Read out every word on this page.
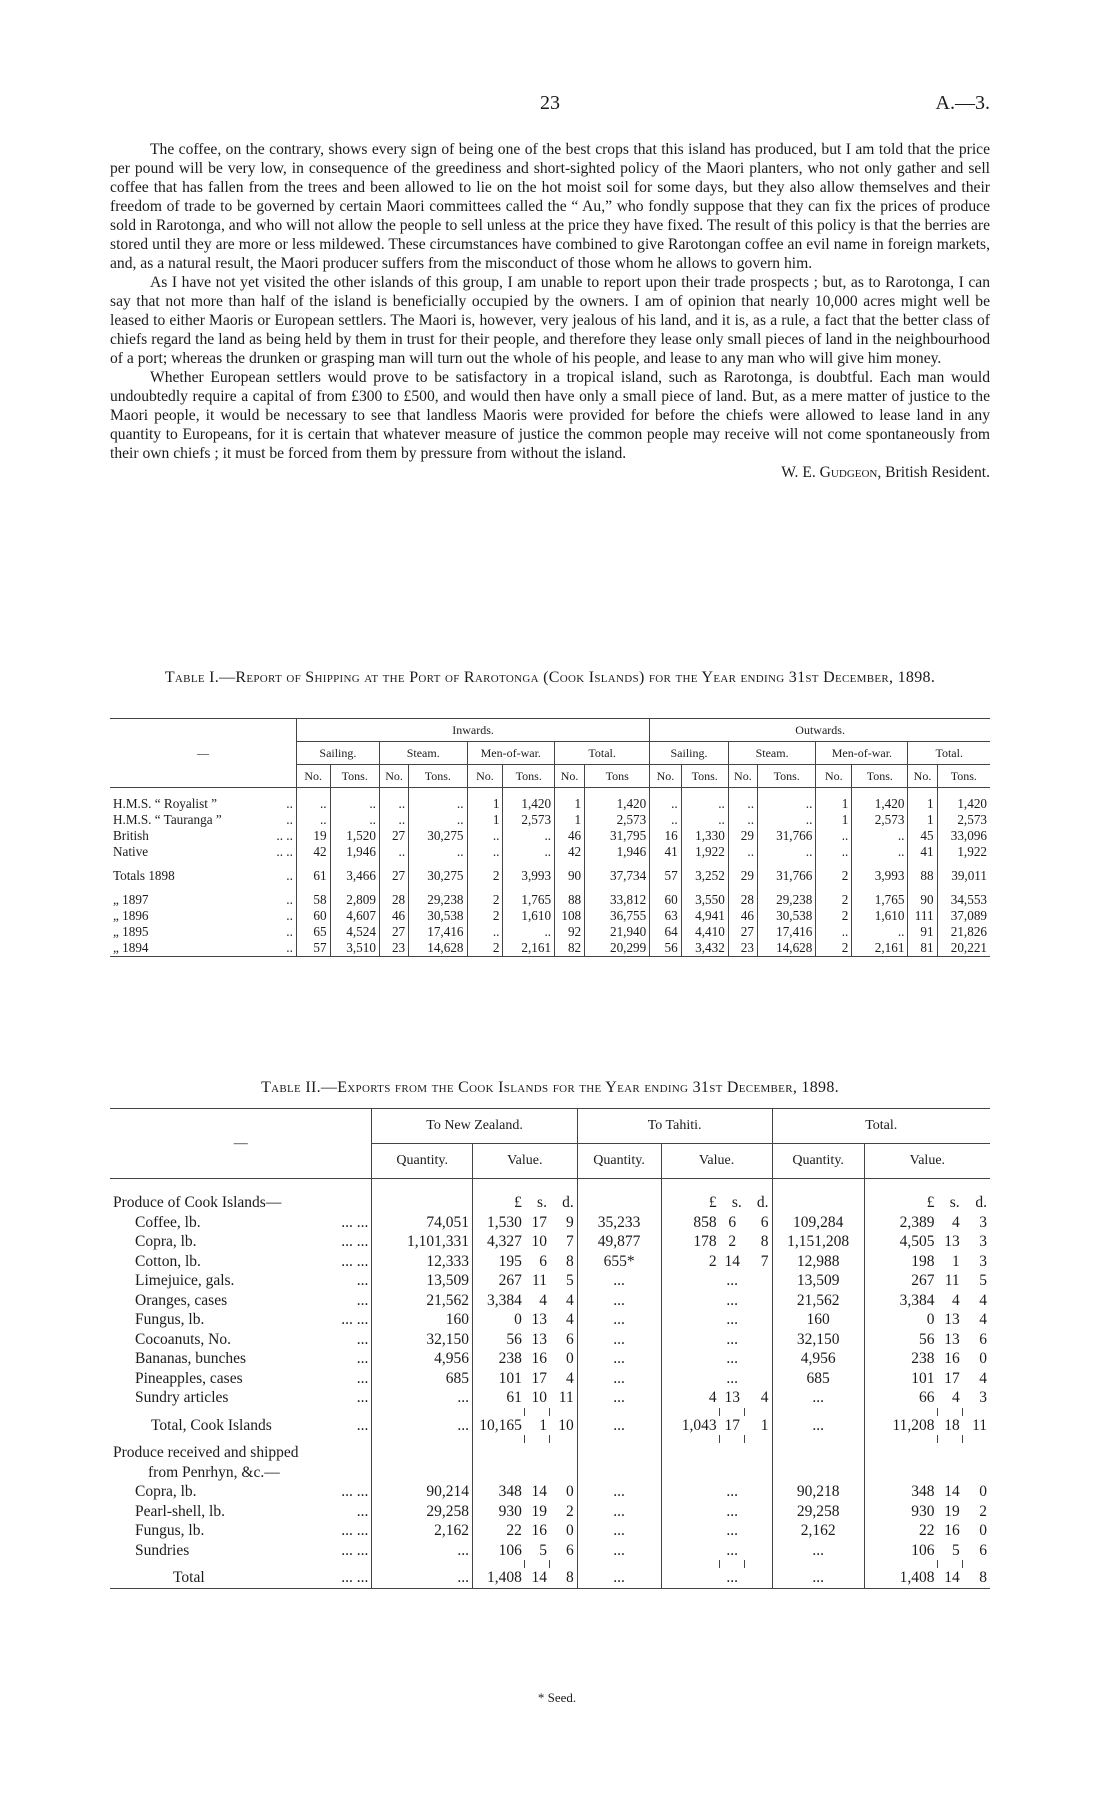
23	A.—3.

The coffee, on the contrary, shows every sign of being one of the best crops that this island has produced, but I am told that the price per pound will be very low, in consequence of the greediness and short-sighted policy of the Maori planters, who not only gather and sell coffee that has fallen from the trees and been allowed to lie on the hot moist soil for some days, but they also allow themselves and their freedom of trade to be governed by certain Maori committees called the “ Au,” who fondly suppose that they can fix the prices of produce sold in Rarotonga, and who will not allow the people to sell unless at the price they have fixed. The result of this policy is that the berries are stored until they are more or less mildewed. These circumstances have combined to give Rarotongan coffee an evil name in foreign markets, and, as a natural result, the Maori producer suffers from the misconduct of those whom he allows to govern him.

As I have not yet visited the other islands of this group, I am unable to report upon their trade prospects ; but, as to Rarotonga, I can say that not more than half of the island is beneficially occupied by the owners. I am of opinion that nearly 10,000 acres might well be leased to either Maoris or European settlers. The Maori is, however, very jealous of his land, and it is, as a rule, a fact that the better class of chiefs regard the land as being held by them in trust for their people, and therefore they lease only small pieces of land in the neighbourhood of a port; whereas the drunken or grasping man will turn out the whole of his people, and lease to any man who will give him money.

Whether European settlers would prove to be satisfactory in a tropical island, such as Rarotonga, is doubtful. Each man would undoubtedly require a capital of from £300 to £500, and would then have only a small piece of land. But, as a mere matter of justice to the Maori people, it would be necessary to see that landless Maoris were provided for before the chiefs were allowed to lease land in any quantity to Europeans, for it is certain that whatever measure of justice the common people may receive will not come spontaneously from their own chiefs ; it must be forced from them by pressure from without the island.

W. E. Gudgeon, British Resident.
Table I.—Report of Shipping at the Port of Rarotonga (Cook Islands) for the Year ending 31st December, 1898.
—	Inwards.								Outwards.							
	Sailing.		Steam.		Men-of-war.		Total.		Sailing.		Steam.		Men-of-war.		Total.	
	No.	Tons.	No.	Tons.	No.	Tons.	No.	Tons	No.	Tons.	No.	Tons.	No.	Tons.	No.	Tons.

H.M.S. “ Royalist ” ..	..	..	..	..	1	1,420	1	1,420	..	..	..	..	1	1,420	1	1,420
H.M.S. “ Tauranga ” ..	..	..	..	..	1	2,573	1	2,573	..	..	..	..	1	2,573	1	2,573
British .. ..	19	1,520	27	30,275	..	..	46	31,795	16	1,330	29	31,766	..	..	45	33,096
Native .. ..	42	1,946	..	..	..	..	42	1,946	41	1,922	..	..	..	..	41	1,922

Totals 1898 ..	61	3,466	27	30,275	2	3,993	90	37,734	57	3,252	29	31,766	2	3,993	88	39,011

„ 1897 ..	58	2,809	28	29,238	2	1,765	88	33,812	60	3,550	28	29,238	2	1,765	90	34,553
„ 1896 ..	60	4,607	46	30,538	2	1,610	108	36,755	63	4,941	46	30,538	2	1,610	111	37,089
„ 1895 ..	65	4,524	27	17,416	..	..	92	21,940	64	4,410	27	17,416	..	..	91	21,826
„ 1894 ..	57	3,510	23	14,628	2	2,161	82	20,299	56	3,432	23	14,628	2	2,161	81	20,221
Table II.—Exports from the Cook Islands for the Year ending 31st December, 1898.
—	To New Zealand.				To Tahiti.				Total.			
	Quantity.	Value.			Quantity.	Value.			Quantity.	Value.		
Produce of Cook Islands—		£	s.	d.		£	s.	d.		£	s.	d.
Coffee, lb. ... ...	74,051	1,530	17	9	35,233	858	6	6	109,284	2,389	4	3
Copra, lb. ... ...	1,101,331	4,327	10	7	49,877	178	2	8	1,151,208	4,505	13	3
Cotton, lb. ... ...	12,333	195	6	8	655*	2	14	7	12,988	198	1	3
Limejuice, gals. ...	13,509	267	11	5	...		...		13,509	267	11	5
Oranges, cases ...	21,562	3,384	4	4	...		...		21,562	3,384	4	4
Fungus, lb. ... ...	160	0	13	4	...		...		160	0	13	4
Cocoanuts, No. ...	32,150	56	13	6	...		...		32,150	56	13	6
Bananas, bunches ...	4,956	238	16	0	...		...		4,956	238	16	0
Pineapples, cases ...	685	101	17	4	...		...		685	101	17	4
Sundry articles ...	...	61	10	11	...	4	13	4	...	66	4	3

Total, Cook Islands ...	...	10,165	1	10	...	1,043	17	1	...	11,208	18	11

Produce received and shipped												
from Penrhyn, &c.—												
Copra, lb. ... ...	90,214	348	14	0	...		...		90,218	348	14	0
Pearl-shell, lb. ...	29,258	930	19	2	...		...		29,258	930	19	2
Fungus, lb. ... ...	2,162	22	16	0	...		...		2,162	22	16	0
Sundries ... ...	...	106	5	6	...		...		...	106	5	6

Total ... ...	...	1,408	14	8	...		...		...	1,408	14	8
* Seed.
